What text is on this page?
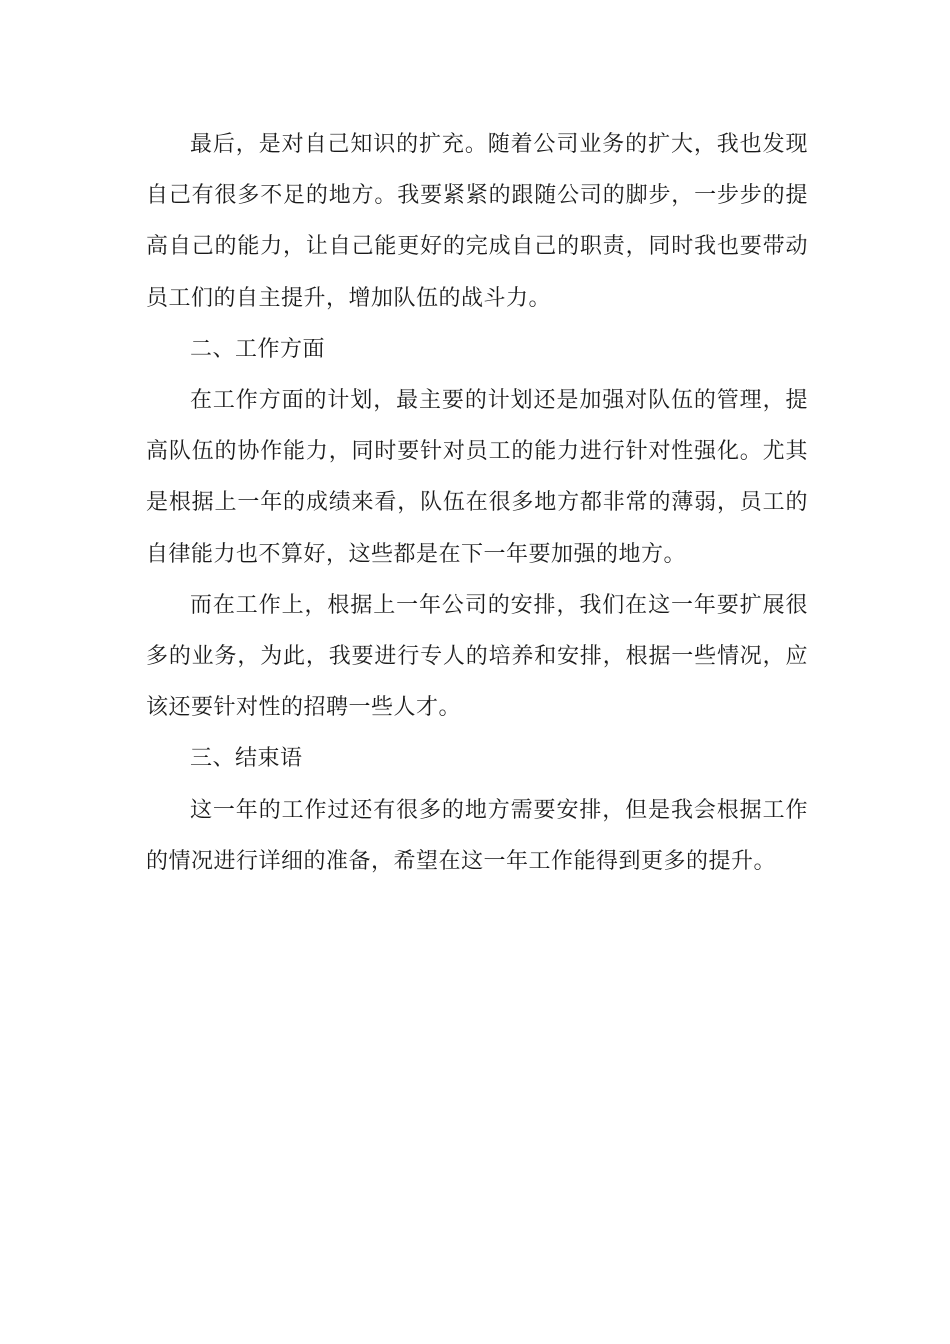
最后，是对自己知识的扩充。随着公司业务的扩大，我也发现自己有很多不足的地方。我要紧紧的跟随公司的脚步，一步步的提高自己的能力，让自己能更好的完成自己的职责，同时我也要带动员工们的自主提升，增加队伍的战斗力。

二、工作方面

在工作方面的计划，最主要的计划还是加强对队伍的管理，提高队伍的协作能力，同时要针对员工的能力进行针对性强化。尤其是根据上一年的成绩来看，队伍在很多地方都非常的薄弱，员工的自律能力也不算好，这些都是在下一年要加强的地方。

而在工作上，根据上一年公司的安排，我们在这一年要扩展很多的业务，为此，我要进行专人的培养和安排，根据一些情况，应该还要针对性的招聘一些人才。

三、结束语

这一年的工作过还有很多的地方需要安排，但是我会根据工作的情况进行详细的准备，希望在这一年工作能得到更多的提升。
